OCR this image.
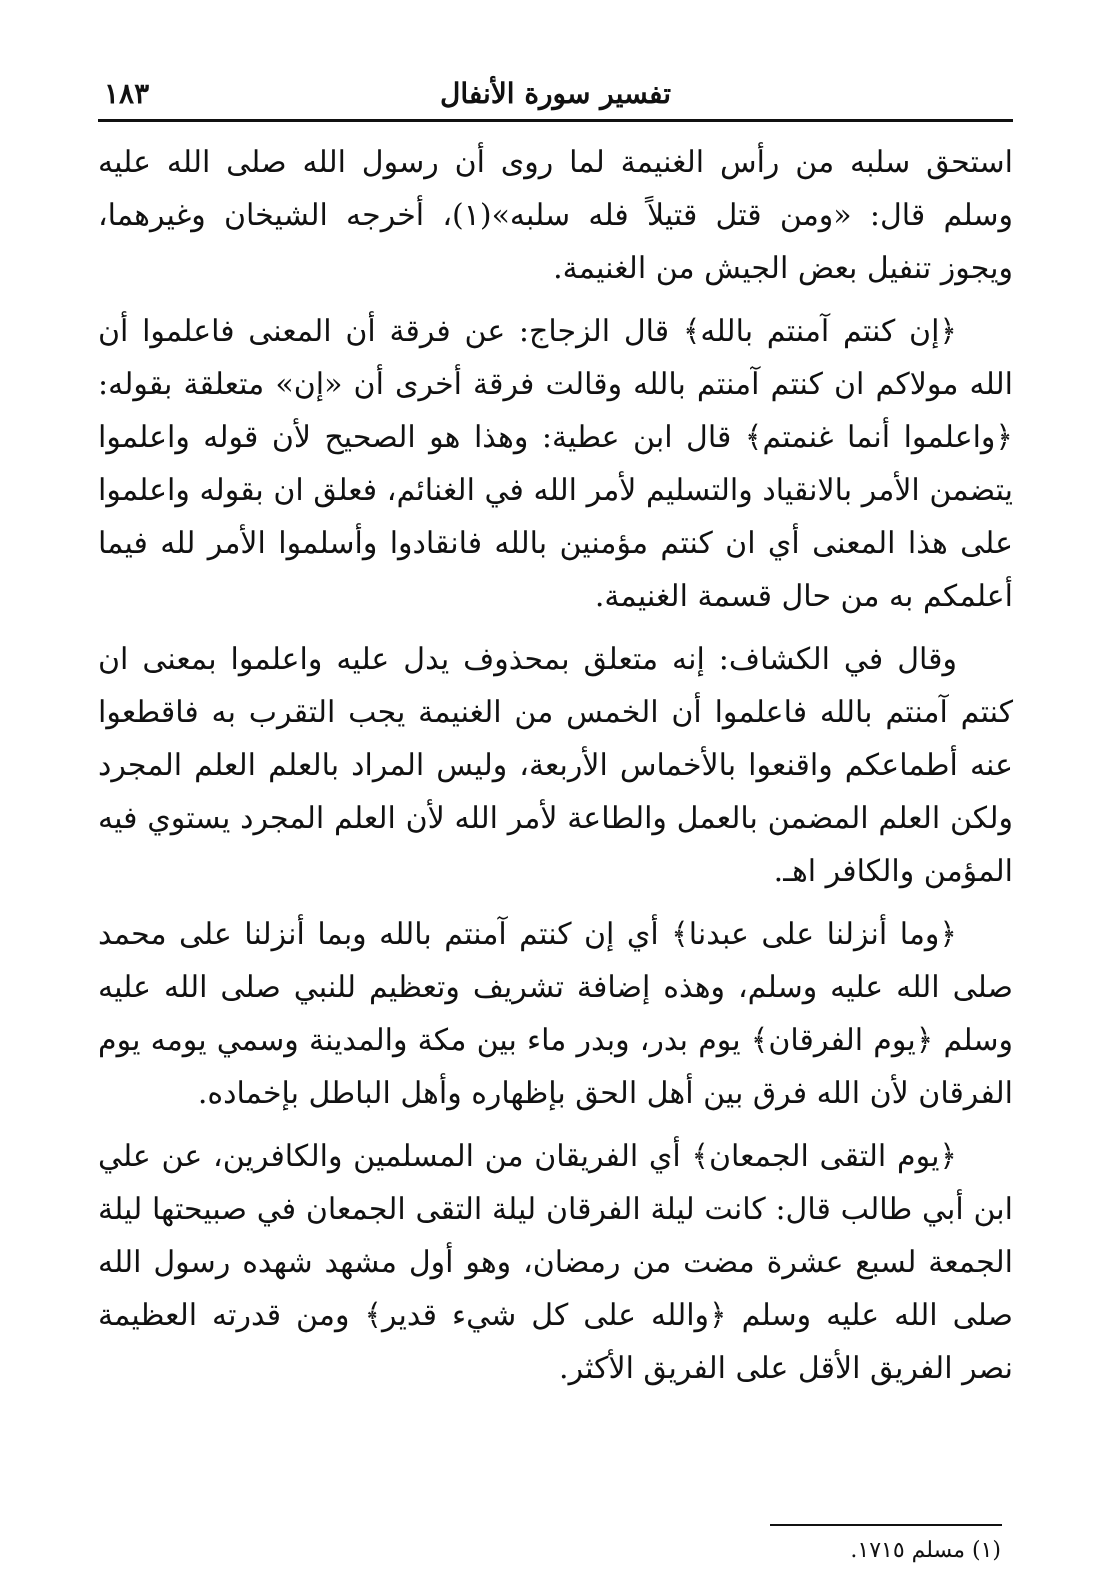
تفسير سورة الأنفال
١٨٣

استحق سلبه من رأس الغنيمة لما روى أن رسول الله صلى الله عليه وسلم قال: «ومن قتل قتيلاً فله سلبه»(١)، أخرجه الشيخان وغيرهما، ويجوز تنفيل بعض الجيش من الغنيمة.

﴿إن كنتم آمنتم بالله﴾ قال الزجاج: عن فرقة أن المعنى فاعلموا أن الله مولاكم ان كنتم آمنتم بالله وقالت فرقة أخرى أن «إن» متعلقة بقوله: ﴿واعلموا أنما غنمتم﴾ قال ابن عطية: وهذا هو الصحيح لأن قوله واعلموا يتضمن الأمر بالانقياد والتسليم لأمر الله في الغنائم، فعلق ان بقوله واعلموا على هذا المعنى أي ان كنتم مؤمنين بالله فانقادوا وأسلموا الأمر لله فيما أعلمكم به من حال قسمة الغنيمة.

وقال في الكشاف: إنه متعلق بمحذوف يدل عليه واعلموا بمعنى ان كنتم آمنتم بالله فاعلموا أن الخمس من الغنيمة يجب التقرب به فاقطعوا عنه أطماعكم واقنعوا بالأخماس الأربعة، وليس المراد بالعلم العلم المجرد ولكن العلم المضمن بالعمل والطاعة لأمر الله لأن العلم المجرد يستوي فيه المؤمن والكافر اهـ.

﴿وما أنزلنا على عبدنا﴾ أي إن كنتم آمنتم بالله وبما أنزلنا على محمد صلى الله عليه وسلم، وهذه إضافة تشريف وتعظيم للنبي صلى الله عليه وسلم ﴿يوم الفرقان﴾ يوم بدر، وبدر ماء بين مكة والمدينة وسمي يومه يوم الفرقان لأن الله فرق بين أهل الحق بإظهاره وأهل الباطل بإخماده.

﴿يوم التقى الجمعان﴾ أي الفريقان من المسلمين والكافرين، عن علي ابن أبي طالب قال: كانت ليلة الفرقان ليلة التقى الجمعان في صبيحتها ليلة الجمعة لسبع عشرة مضت من رمضان، وهو أول مشهد شهده رسول الله صلى الله عليه وسلم ﴿والله على كل شيء قدير﴾ ومن قدرته العظيمة نصر الفريق الأقل على الفريق الأكثر.

(١) مسلم ١٧١٥.
